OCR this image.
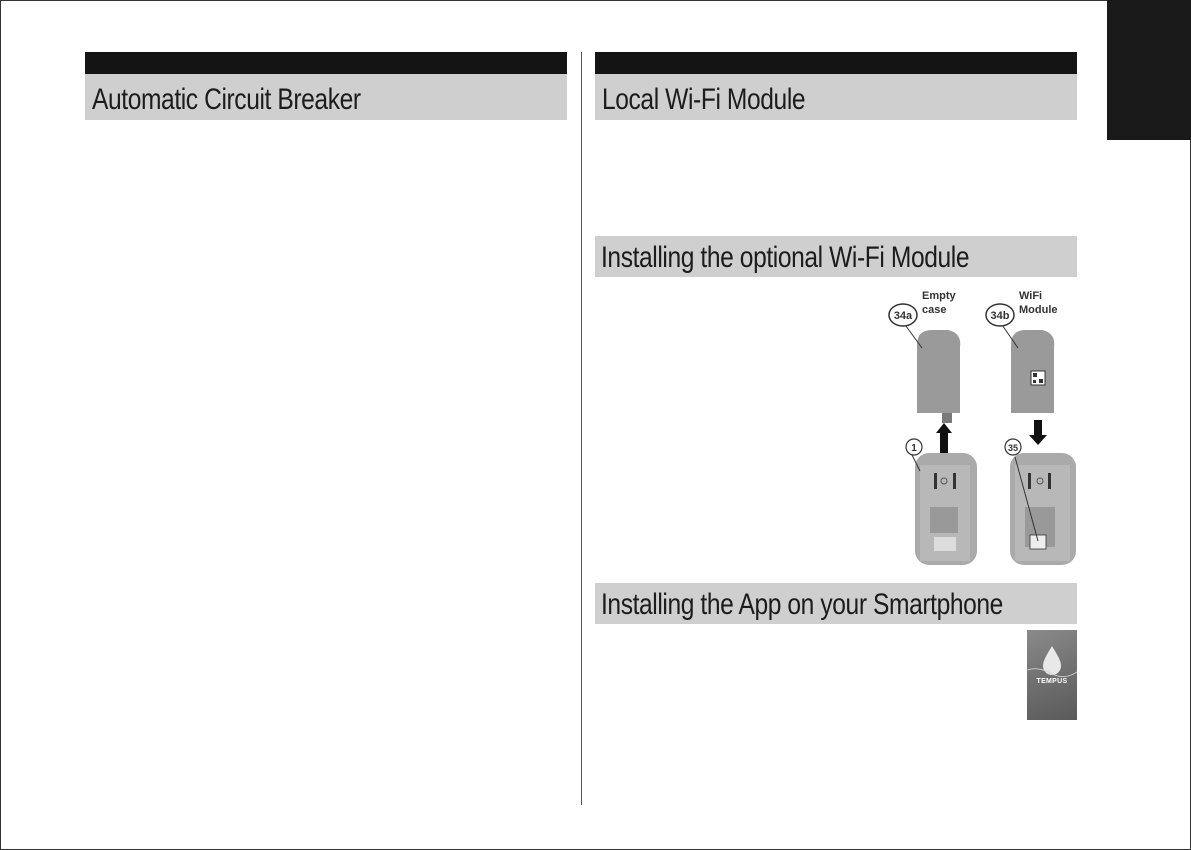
Automatic Circuit Breaker	Local Wi-Fi Module
Installing the optional Wi-Fi Module
34a	34b
1	35
Empty
case
WiFi
Module
Installing the App on your Smartphone
TEMPUS
